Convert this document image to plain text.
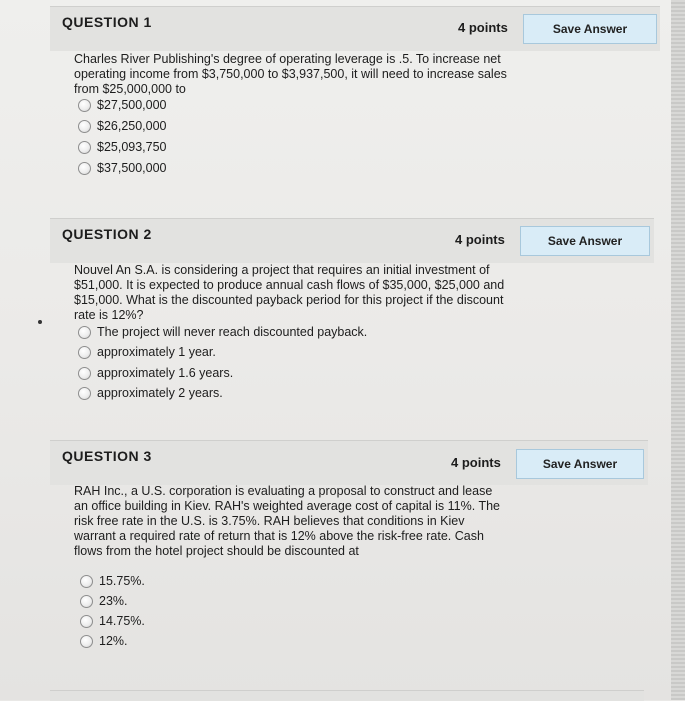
QUESTION 1	4 points	Save Answer
Charles River Publishing's degree of operating leverage is .5. To increase net operating income from $3,750,000 to $3,937,500, it will need to increase sales from $25,000,000 to
$27,500,000
$26,250,000
$25,093,750
$37,500,000
QUESTION 2	4 points	Save Answer
Nouvel An S.A. is considering a project that requires an initial investment of $51,000. It is expected to produce annual cash flows of $35,000, $25,000 and $15,000. What is the discounted payback period for this project if the discount rate is 12%?
The project will never reach discounted payback.
approximately 1 year.
approximately 1.6 years.
approximately 2 years.
QUESTION 3	4 points	Save Answer
RAH Inc., a U.S. corporation is evaluating a proposal to construct and lease an office building in Kiev. RAH's weighted average cost of capital is 11%. The risk free rate in the U.S. is 3.75%. RAH believes that conditions in Kiev warrant a required rate of return that is 12% above the risk-free rate. Cash flows from the hotel project should be discounted at
15.75%.
23%.
14.75%.
12%.
